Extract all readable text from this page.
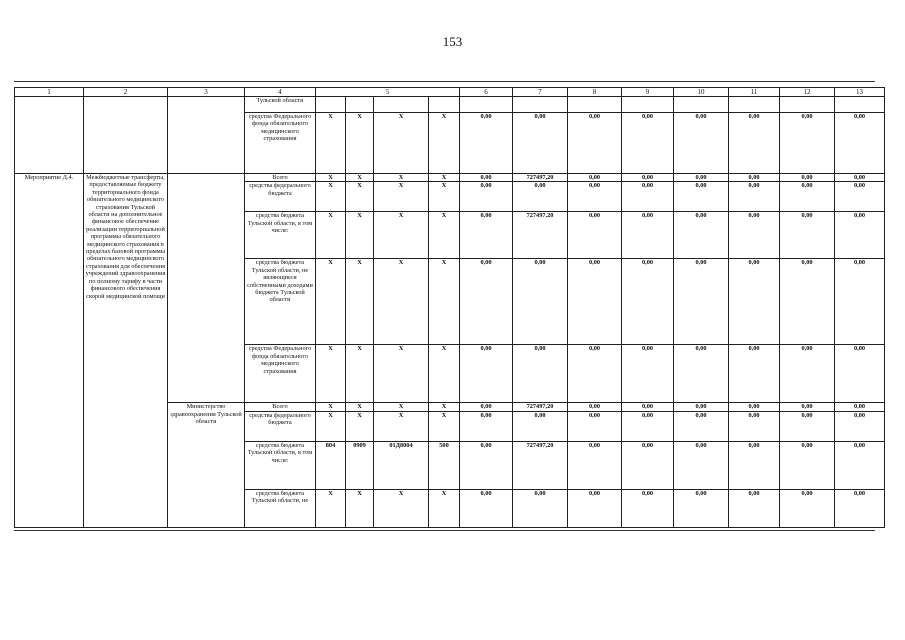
153
1	2	3	4	5				6	7	8	9	10	11	12	13
			Тульской области												
			средства Федерального фонда обязательного медицинского страхования	Х	Х	Х	Х	0,00	0,00	0,00	0,00	0,00	0,00	0,00	0,00
Мероприятие Д.4.	Межбюджетные трансферты, предоставляемые бюджету территориального фонда обязательного медицинского страхования Тульской области на дополнительное финансовое обеспечение реализации территориальной программы обязательного медицинского страхования в пределах базовой программы обязательного медицинского страхования для обеспечения учреждений здравоохранения по полному тарифу в части финансового обеспечения скорой медицинской помощи		Всего	Х	Х	Х	Х	0,00	727497,20	0,00	0,00	0,00	0,00	0,00	0,00
			средства федерального бюджета	Х	Х	Х	Х	0,00	0,00	0,00	0,00	0,00	0,00	0,00	0,00
			средства бюджета Тульской области, в том числе:	Х	Х	Х	Х	0,00	727497,20	0,00	0,00	0,00	0,00	0,00	0,00
			средства бюджета Тульской области, не являющиеся собственными доходами бюджета Тульской области	Х	Х	Х	Х	0,00	0,00	0,00	0,00	0,00	0,00	0,00	0,00
			средства Федерального фонда обязательного медицинского страхования	Х	Х	Х	Х	0,00	0,00	0,00	0,00	0,00	0,00	0,00	0,00
		Министерство здравоохранения Тульской области	Всего	Х	Х	Х	Х	0,00	727497,20	0,00	0,00	0,00	0,00	0,00	0,00
			средства федерального бюджета	Х	Х	Х	Х	0,00	0,00	0,00	0,00	0,00	0,00	0,00	0,00
			средства бюджета Тульской области, в том числе:	804	0909	01Д8004	500	0,00	727497,20	0,00	0,00	0,00	0,00	0,00	0,00
			средства бюджета Тульской области, не	Х	Х	Х	Х	0,00	0,00	0,00	0,00	0,00	0,00	0,00	0,00
